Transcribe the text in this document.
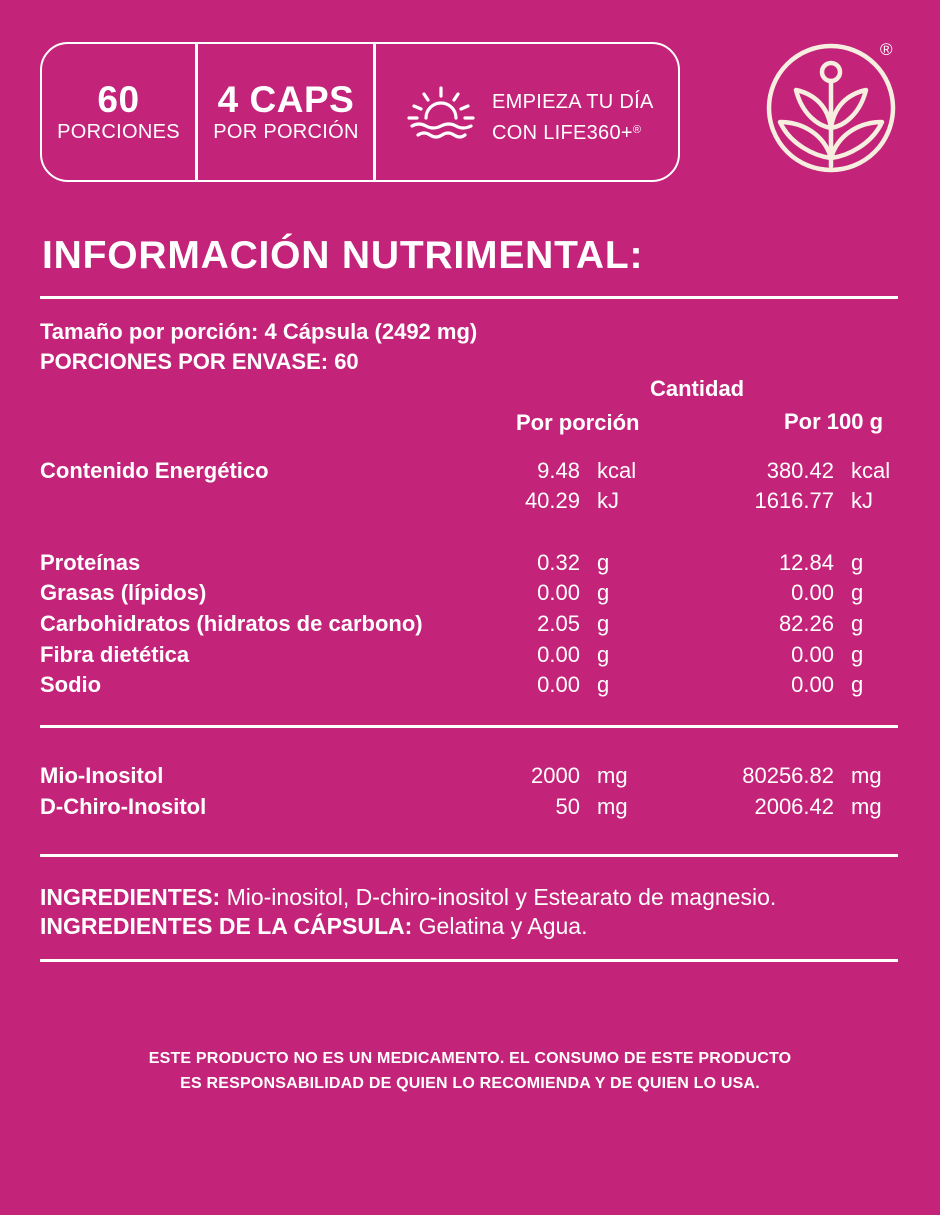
60
PORCIONES
4 CAPS
POR PORCIÓN
EMPIEZA TU DÍA
CON LIFE360+®
®
INFORMACIÓN NUTRIMENTAL:
Tamaño por porción: 4 Cápsula (2492 mg)
PORCIONES POR ENVASE: 60
Cantidad
Por porción	Por 100 g
Contenido Energético	9.48 kcal	380.42 kcal
40.29 kJ	1616.77 kJ
Proteínas	0.32 g	12.84 g
Grasas (lípidos)	0.00 g	0.00 g
Carbohidratos (hidratos de carbono)	2.05 g	82.26 g
Fibra dietética	0.00 g	0.00 g
Sodio	0.00 g	0.00 g
Mio-Inositol	2000 mg	80256.82 mg
D-Chiro-Inositol	50 mg	2006.42 mg
INGREDIENTES: Mio-inositol, D-chiro-inositol y Estearato de magnesio.
INGREDIENTES DE LA CÁPSULA: Gelatina y Agua.
ESTE PRODUCTO NO ES UN MEDICAMENTO. EL CONSUMO DE ESTE PRODUCTO
ES RESPONSABILIDAD DE QUIEN LO RECOMIENDA Y DE QUIEN LO USA.
